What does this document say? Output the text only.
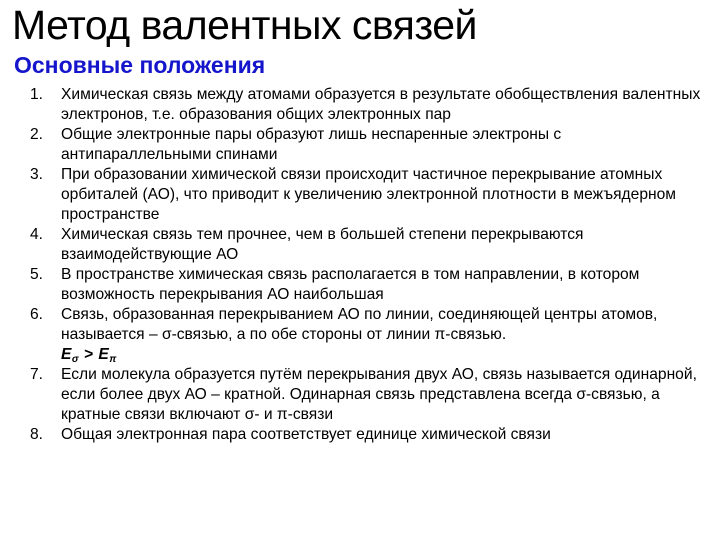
Метод валентных связей
Основные положения
1.	Химическая связь между атомами образуется в результате обобществления валентных электронов, т.е. образования общих электронных пар
2.	Общие электронные пары образуют лишь неспаренные электроны с антипараллельными спинами
3.	При образовании химической связи происходит частичное перекрывание атомных орбиталей (АО), что приводит к увеличению электронной плотности в межъядерном пространстве
4.	Химическая связь тем прочнее, чем в большей степени перекрываются взаимодействующие АО
5.	В пространстве химическая связь располагается в том направлении, в котором возможность перекрывания АО наибольшая
6.	Связь, образованная перекрыванием АО по линии, соединяющей центры атомов, называется – σ-связью, а по обе стороны от линии π-связью.
$E_\sigma > E_\pi$
7.	Если молекула образуется путём перекрывания двух АО, связь называется одинарной, если более двух АО – кратной. Одинарная связь представлена всегда σ-связью, а кратные связи включают σ- и π-связи
8.	Общая электронная пара соответствует единице химической связи
